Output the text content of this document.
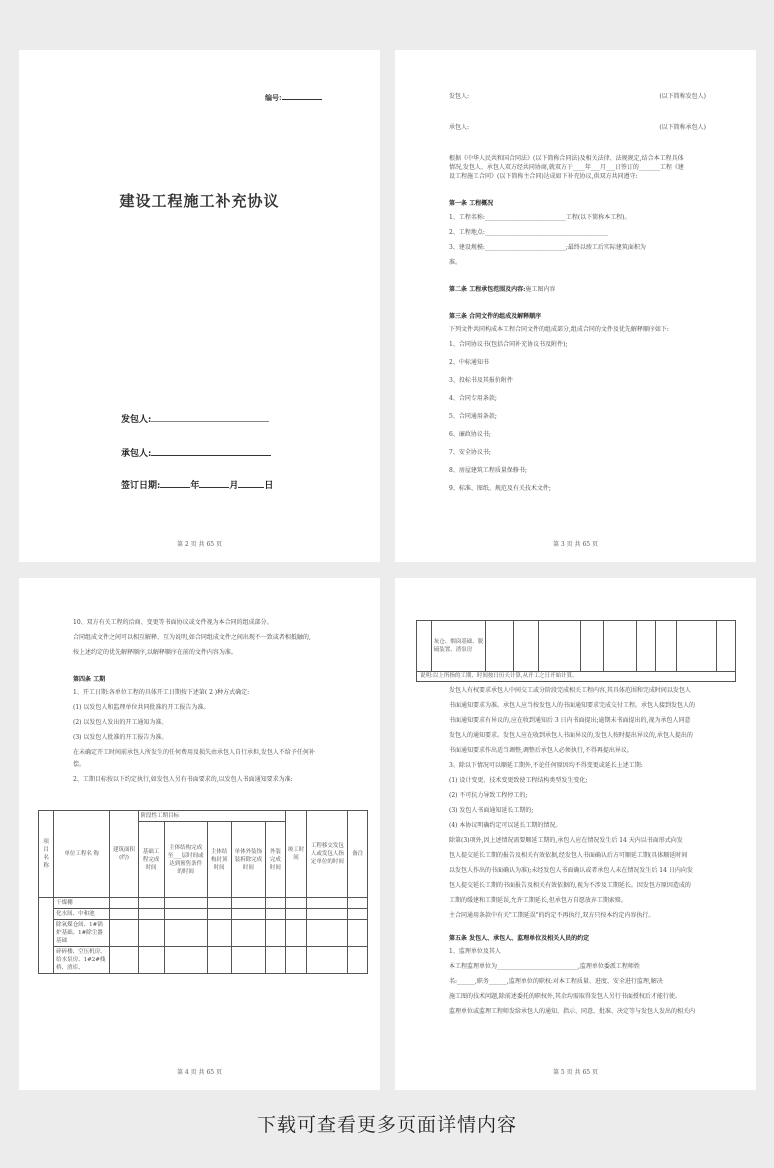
编号:
建设工程施工补充协议
发包人:
承包人:
签订日期:	年	月	日
第 2 页 共 65 页
发包人:	(以下简称发包人)
承包人:	(以下简称承包人)

根据《中华人民共和国合同法》(以下简称合同法)及相关法律、法规规定,结合本工程具体

情况,发包人、承包人双方经共同协商,就双方于____年___月___日签订的_______工程《建

设工程施工合同》(以下简称主合同)达成如下补充协议,供双方共同遵守:

第一条 工程概况

1、工程名称:___________________________工程(以下简称本工程)。

2、工程地点:_________________________________________

3、建设规模:___________________________;最终以竣工后实际建筑面积为

准。

第二条 工程承包范围及内容:施工图内容

第三条 合同文件的组成及解释顺序

下列文件共同构成本工程合同文件的组成部分,组成合同的文件及优先解释顺序如下:

1、合同协议书(包括合同补充协议书及附件);

2、中标通知书

3、投标书及其报价附件

4、合同专用条款;

5、合同通用条款;

6、廉政协议书;

7、安全协议书;

8、房屋建筑工程质量保修书;

9、标准、图纸、规范及有关技术文件;

第 3 页 共 65 页

10、双方有关工程的洽商、变更等书面协议或文件视为本合同的组成部分。

合同组成文件之间可以相互解释、互为说明,如合同组成文件之间出现不一致或者相抵触的,

按上述约定的优先解释顺序,以解释顺序在前的文件内容为准。

第四条 工期

1、开工日期:各单位工程的具体开工日期按下述第( 2 )种方式确定:

(1) 以发包人和监理单位共同批准的开工报告为准。

(2) 以发包人发出的开工通知为准。

(3) 以发包人批准的开工报告为准。

在未确定开工时间前承包人所发生的任何费用及损失由承包人自行承担,发包人不给予任何补

偿。

2、工期目标按以下约定执行,如发包人另有书面要求的,以发包人书面通知要求为准:

项目名称	单位工程名 称	建筑面积(约)	阶段性工期目标					竣工时间	工程移交发包人或发包人指定单位的时间	备注
			基础工程完成时间	主体结构完成至___层时间或达到预售条件的时间	主体结构封顶时间	单体外装饰装拆除完成时间	外装完成时间			
	干煤棚									
	化水间、中和池									
	除氧煤仓间、1#锅炉基础、1#除尘器基础									
	碎碎楼、空压机房、给水泵房、1#2#栈桥、渣库、									
第 4 页 共 65 页
	灰仓、烟囱基础、脱硫装置、渣泵房									
说明:以上所指的工期、时间按日历天计算,从开工之日开始计算。

发包人有权要求承包人中间交工或分阶段完成相关工程内容,其具体范围和完成时间以发包人

书面通知要求为准。承包人应当按发包人的书面通知要求完成交付工程。承包人接到发包人的

书面通知要求有异议的,应在收到通知后 3 日内书面提出;逾期未书面提出的,视为承包人同意

发包人的通知要求。发包人应在收到承包人书面异议的,发包人按时提出异议的,承包人提出的

书面通知要求作出适当调整,调整后承包人必须执行,不得再提出异议。

3、除以下情况可以顺延工期外,不论任何原因均不得变更或延长上述工期:

(1) 设计变更、技术变更致使工程结构类型发生变化;

(2) 不可抗力导致工程停工的;

(3) 发包人书面通知延长工期的;

(4) 本协议明确约定可以延长工期的情况。

除第(3)项外,因上述情况需要顺延工期的,承包人应在情况发生后 14 天内以书面形式向发

包人提交延长工期的报告及相关有效依据,经发包人书面确认后方可顺延工期(具体顺延时间

以发包人作出的书面确认为准);未经发包人书面确认或者承包人未在情况发生后 14 日内向发

包人提交延长工期的书面报告及相关有效依据的,视为不涉及工期延长。因发包方原因造成的

工期的缓建和工期延误,允许工期延长,但承包方自愿放弃工期索赔。

主合同通用条款中有关"工期延误"的约定不再执行,双方只按本约定内容执行。

第五条 发包人、承包人、监理单位及相关人员的约定

1、监理单位及其人

本工程监理单位为___________________________,监理单位委派工程师姓

名:______,职务______,监理单位的职权:对本工程质量、进度、安全进行监理,解决

施工图的技术问题,除前述委托的职权外,其余均需取得发包人另行书面授权后才能行使。

监理单位或监理工程师发给承包人的通知、指示、同意、批准、决定等与发包人发出的相关内

第 5 页 共 65 页
下载可查看更多页面详情内容
